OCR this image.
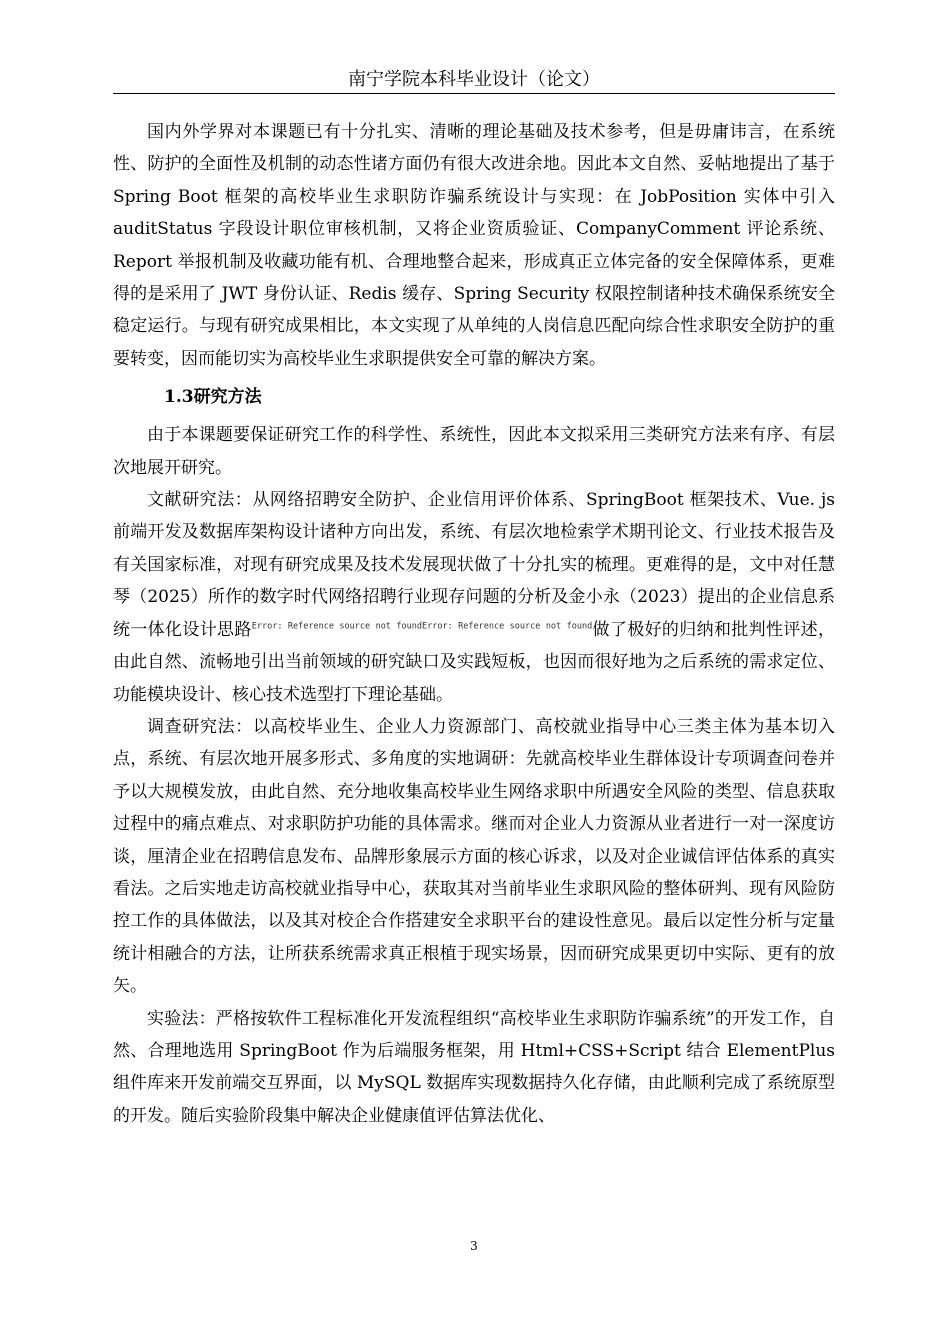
南宁学院本科毕业设计（论文）

国内外学界对本课题已有十分扎实、清晰的理论基础及技术参考，但是毋庸讳言，在系统性、防护的全面性及机制的动态性诸方面仍有很大改进余地。因此本文自然、妥帖地提出了基于 Spring Boot 框架的高校毕业生求职防诈骗系统设计与实现：在 JobPosition 实体中引入 auditStatus 字段设计职位审核机制，又将企业资质验证、CompanyComment 评论系统、Report 举报机制及收藏功能有机、合理地整合起来，形成真正立体完备的安全保障体系，更难得的是采用了 JWT 身份认证、Redis 缓存、Spring Security 权限控制诸种技术确保系统安全稳定运行。与现有研究成果相比，本文实现了从单纯的人岗信息匹配向综合性求职安全防护的重要转变，因而能切实为高校毕业生求职提供安全可靠的解决方案。

1.3研究方法

由于本课题要保证研究工作的科学性、系统性，因此本文拟采用三类研究方法来有序、有层次地展开研究。

文献研究法：从网络招聘安全防护、企业信用评价体系、SpringBoot 框架技术、Vue. js 前端开发及数据库架构设计诸种方向出发，系统、有层次地检索学术期刊论文、行业技术报告及有关国家标准，对现有研究成果及技术发展现状做了十分扎实的梳理。更难得的是，文中对任慧琴（2025）所作的数字时代网络招聘行业现存问题的分析及金小永（2023）提出的企业信息系统一体化设计思路$^{Error: Reference source not foundError: Reference source not found}$做了极好的归纳和批判性评述，由此自然、流畅地引出当前领域的研究缺口及实践短板，也因而很好地为之后系统的需求定位、功能模块设计、核心技术选型打下理论基础。

调查研究法：以高校毕业生、企业人力资源部门、高校就业指导中心三类主体为基本切入点，系统、有层次地开展多形式、多角度的实地调研：先就高校毕业生群体设计专项调查问卷并予以大规模发放，由此自然、充分地收集高校毕业生网络求职中所遇安全风险的类型、信息获取过程中的痛点难点、对求职防护功能的具体需求。继而对企业人力资源从业者进行一对一深度访谈，厘清企业在招聘信息发布、品牌形象展示方面的核心诉求，以及对企业诚信评估体系的真实看法。之后实地走访高校就业指导中心，获取其对当前毕业生求职风险的整体研判、现有风险防控工作的具体做法，以及其对校企合作搭建安全求职平台的建设性意见。最后以定性分析与定量统计相融合的方法，让所获系统需求真正根植于现实场景，因而研究成果更切中实际、更有的放矢。

实验法：严格按软件工程标准化开发流程组织“高校毕业生求职防诈骗系统”的开发工作，自然、合理地选用 SpringBoot 作为后端服务框架，用 Html+CSS+Script 结合 ElementPlus 组件库来开发前端交互界面，以 MySQL 数据库实现数据持久化存储，由此顺利完成了系统原型的开发。随后实验阶段集中解决企业健康值评估算法优化、

3
